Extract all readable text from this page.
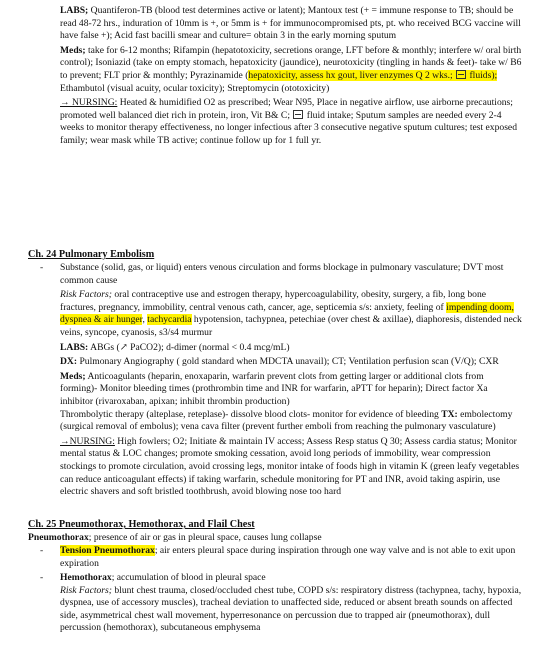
LABS; Quantiferon-TB (blood test determines active or latent); Mantoux test (+ = immune response to TB; should be read 48-72 hrs., induration of 10mm is +, or 5mm is + for immunocompromised pts, pt. who received BCG vaccine will have false +); Acid fast bacilli smear and culture= obtain 3 in the early morning sputum

Meds; take for 6-12 months; Rifampin (hepatotoxicity, secretions orange, LFT before & monthly; interfere w/ oral birth control); Isoniazid (take on empty stomach, hepatoxicity (jaundice), neurotoxicity (tingling in hands & feet)- take w/ B6 to prevent; FLT prior & monthly; Pyrazinamide (hepatoxicity, assess hx gout, liver enzymes Q 2 wks.;  fluids); Ethambutol (visual acuity, ocular toxicity); Streptomycin (ototoxicity)

→ NURSING: Heated & humidified O2 as prescribed; Wear N95, Place in negative airflow, use airborne precautions; promoted well balanced diet rich in protein, iron, Vit B& C;  fluid intake; Sputum samples are needed every 2-4 weeks to monitor therapy effectiveness, no longer infectious after 3 consecutive negative sputum cultures; test exposed family; wear mask while TB active; continue follow up for 1 full yr.

Ch. 24 Pulmonary Embolism
- Substance (solid, gas, or liquid) enters venous circulation and forms blockage in pulmonary vasculature; DVT most common cause

Risk Factors; oral contraceptive use and estrogen therapy, hypercoagulability, obesity, surgery, a fib, long bone fractures, pregnancy, immobility, central venous cath, cancer, age, septicemia s/s: anxiety, feeling of impending doom, dyspnea & air hunger, tachycardia hypotension, tachypnea, petechiae (over chest & axillae), diaphoresis, distended neck veins, syncope, cyanosis, s3/s4 murmur

LABS: ABGs (↗ PaCO2); d-dimer (normal < 0.4 mcg/mL)

DX: Pulmonary Angiography ( gold standard when MDCTA unavail); CT; Ventilation perfusion scan (V/Q); CXR

Meds; Anticoagulants (heparin, enoxaparin, warfarin prevent clots from getting larger or additional clots from forming)- Monitor bleeding times (prothrombin time and INR for warfarin, aPTT for heparin); Direct factor Xa inhibitor (rivaroxaban, apixan; inhibit thrombin production)

Thrombolytic therapy (alteplase, reteplase)- dissolve blood clots- monitor for evidence of bleeding TX: embolectomy (surgical removal of embolus); vena cava filter (prevent further emboli from reaching the pulmonary vasculature)

→NURSING: High fowlers; O2; Initiate & maintain IV access; Assess Resp status Q 30; Assess cardia status; Monitor mental status & LOC changes; promote smoking cessation, avoid long periods of immobility, wear compression stockings to promote circulation, avoid crossing legs, monitor intake of foods high in vitamin K (green leafy vegetables can reduce anticoagulant effects) if taking warfarin, schedule monitoring for PT and INR, avoid taking aspirin, use electric shavers and soft bristled toothbrush, avoid blowing nose too hard

Ch. 25 Pneumothorax, Hemothorax, and Flail Chest
Pneumothorax; presence of air or gas in pleural space, causes lung collapse
- Tension Pneumothorax; air enters pleural space during inspiration through one way valve and is not able to exit upon expiration

- Hemothorax; accumulation of blood in pleural space

Risk Factors; blunt chest trauma, closed/occluded chest tube, COPD s/s: respiratory distress (tachypnea, tachy, hypoxia, dyspnea, use of accessory muscles), tracheal deviation to unaffected side, reduced or absent breath sounds on affected side, asymmetrical chest wall movement, hyperresonance on percussion due to trapped air (pneumothorax), dull percussion (hemothorax), subcutaneous emphysema
